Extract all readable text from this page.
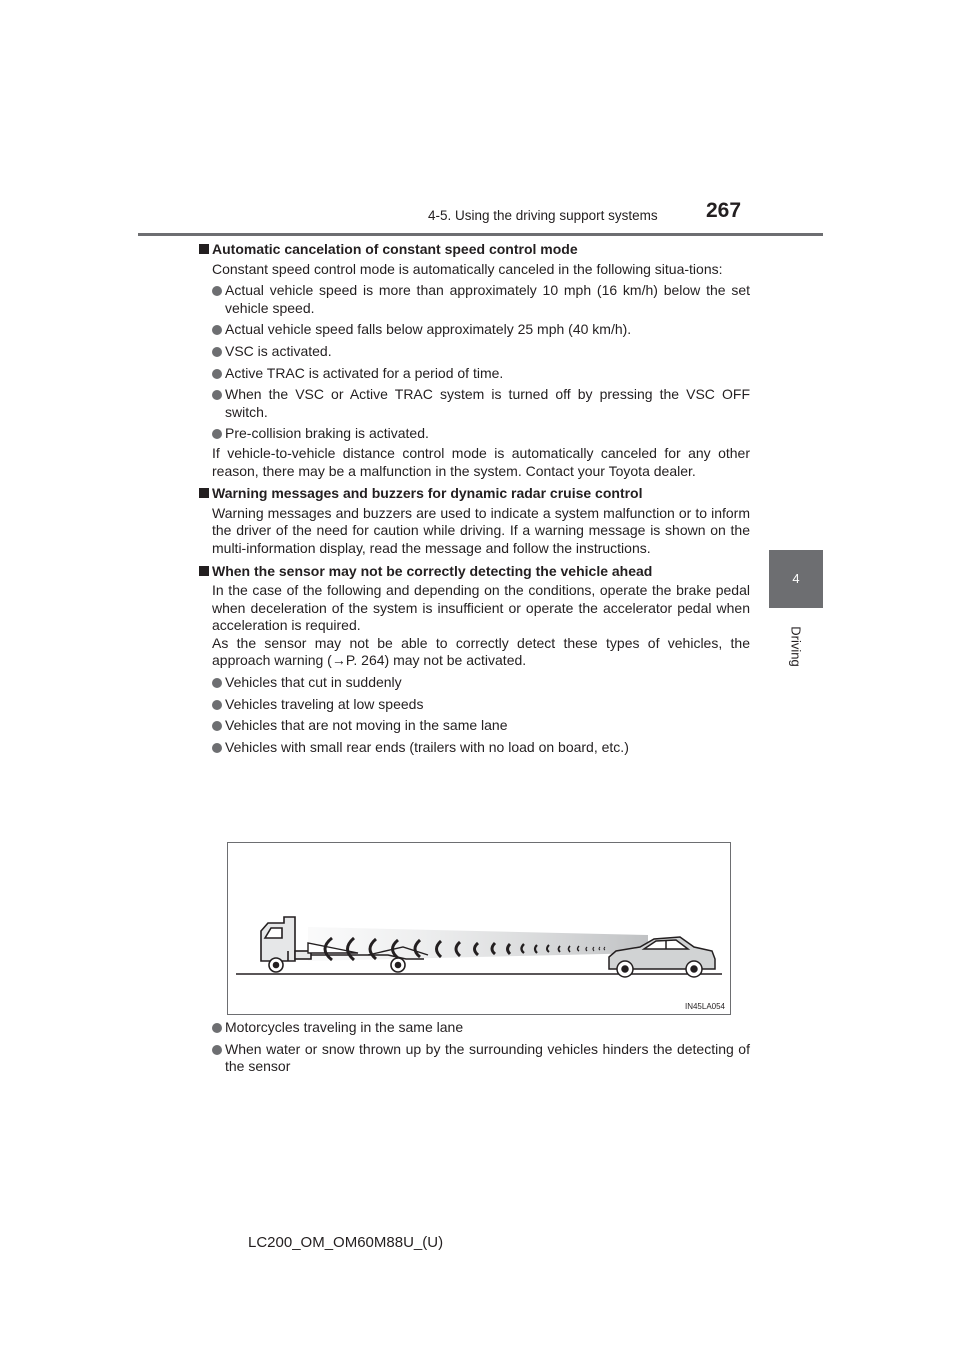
4-5. Using the driving support systems 267
4
Driving

Automatic cancelation of constant speed control mode

Constant speed control mode is automatically canceled in the following situa-tions:

Actual vehicle speed is more than approximately 10 mph (16 km/h) below the set vehicle speed.

Actual vehicle speed falls below approximately 25 mph (40 km/h).

VSC is activated.

Active TRAC is activated for a period of time.

When the VSC or Active TRAC system is turned off by pressing the VSC OFF switch.

Pre-collision braking is activated.

If vehicle-to-vehicle distance control mode is automatically canceled for any other reason, there may be a malfunction in the system. Contact your Toyota dealer.

Warning messages and buzzers for dynamic radar cruise control

Warning messages and buzzers are used to indicate a system malfunction or to inform the driver of the need for caution while driving. If a warning message is shown on the multi-information display, read the message and follow the instructions.

When the sensor may not be correctly detecting the vehicle ahead

In the case of the following and depending on the conditions, operate the brake pedal when deceleration of the system is insufficient or operate the accelerator pedal when acceleration is required.

As the sensor may not be able to correctly detect these types of vehicles, the approach warning (→P. 264) may not be activated.

Vehicles that cut in suddenly

Vehicles traveling at low speeds

Vehicles that are not moving in the same lane

Vehicles with small rear ends (trailers with no load on board, etc.)

IN45LA054

Motorcycles traveling in the same lane

When water or snow thrown up by the surrounding vehicles hinders the detecting of the sensor

LC200_OM_OM60M88U_(U)
